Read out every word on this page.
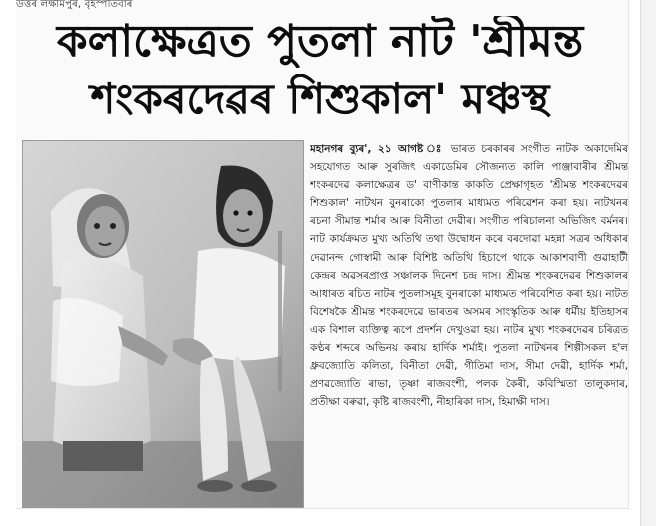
উত্তৰ লক্ষীমপুৰ, বৃহস্পতিবাৰ
কলাক্ষেত্ৰত পুতলা নাট 'শ্ৰীমন্ত
শংকৰদেৱৰ শিশুকাল' মঞ্চস্থ
মহানগৰ ব্যুৰ', ২১ আগষ্ট ঃ ভাৰত চৰকাৰৰ সংগীত নাটক অকাদেমিৰ সহযোগত আৰু সুৰজিৎ একাডেমিৰ সৌজন্যত কালি পাঞ্জাবাৰীৰ শ্ৰীমন্ত শংকৰদেৱ কলাক্ষেত্ৰৰ ড' বাণীকান্ত কাকতি প্ৰেক্ষাগৃহত 'শ্ৰীমন্ত শংকৰদেৱৰ শিশুকাল' নাটখন বুনৰাকো পুতলাৰ মাধ্যমত পৰিৱেশন কৰা হয়। নাটখনৰ ৰচনা সীমান্ত শৰ্মাৰ আৰু বিনীতা দেৱীৰ। সংগীত পৰিচালনা অভিজিৎ বৰ্মনৰ। নাট কাৰ্যক্ৰমত মুখ্য অতিথি তথা উদ্বোধন কৰে বৰদোৱা মহন্না সত্ৰৰ অধিকাৰ দেৱানন্দ গোস্বামী আৰু বিশিষ্ট অতিথি হিচাপে থাকে আকাশবাণী গুৱাহাটী কেন্দ্ৰৰ অৱসৰপ্ৰাপ্ত সঞ্চালক দিনেশ চন্দ্ৰ দাস। শ্ৰীমন্ত শংকৰদেৱৰ শিশুকালৰ আধাৰত ৰচিত নাটৰ পুতলাসমূহ বুনৰাকো মাধ্যমত পৰিবেশিত কৰা হয়। নাটত বিশেষকৈ শ্ৰীমন্ত শংকৰদেৱে ভাৰতৰ অসমৰ সাংস্কৃতিক আৰু ধৰ্মীয় ইতিহাসৰ এক বিশাল ব্যক্তিত্ব ৰূপে প্ৰদৰ্শন দেখুওৱা হয়। নাটৰ মুখ্য শংকৰদেৱৰ চৰিত্ৰত কণ্ঠৰ শব্দৰে অভিনয় কৰায় হাৰ্দিক শৰ্মাই। পুতলা নাটখনৰ শিল্পীসকল হ'ল ধ্ৰুবজ্যোতি কলিতা, বিনীতা দেৱী, গীতিমা দাস, সীমা দেৱী, হাৰ্দিক শৰ্মা, প্ৰণৱজ্যোতি ৰাভা, তৃষ্ণা ৰাজবংশী, পলক কৈৰী, কবিস্মিতা তালুকদাৰ, প্ৰতীক্ষা বৰুৱা, কৃষ্টি ৰাজবংশী, নীহাৰিকা দাস, হিমাক্ষী দাস।
